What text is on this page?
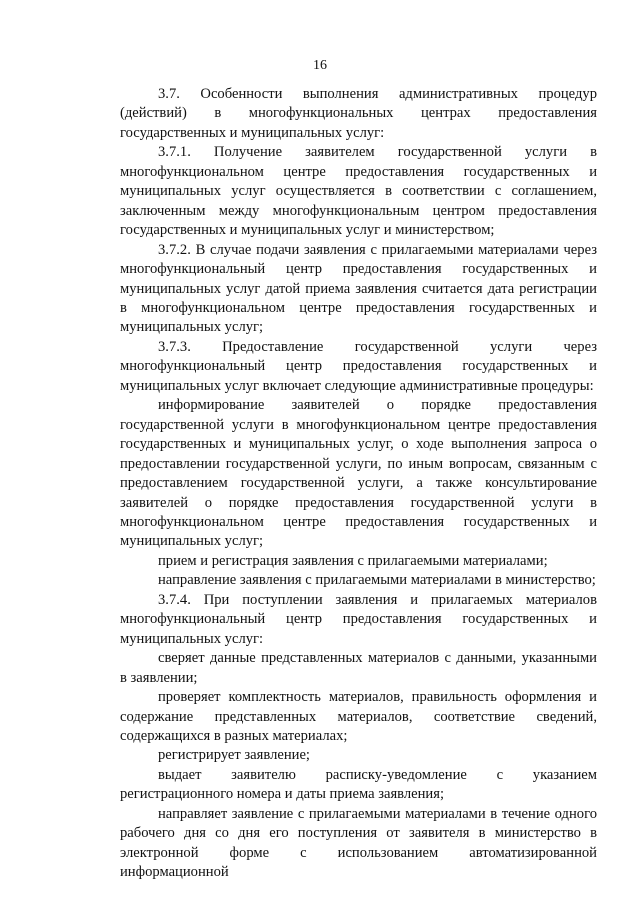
16

3.7. Особенности выполнения административных процедур (действий) в многофункциональных центрах предоставления государственных и муниципальных услуг:

3.7.1. Получение заявителем государственной услуги в многофункциональном центре предоставления государственных и муниципальных услуг осуществляется в соответствии с соглашением, заключенным между многофункциональным центром предоставления государственных и муниципальных услуг и министерством;

3.7.2. В случае подачи заявления с прилагаемыми материалами через многофункциональный центр предоставления государственных и муниципальных услуг датой приема заявления считается дата регистрации в многофункциональном центре предоставления государственных и муниципальных услуг;

3.7.3. Предоставление государственной услуги через многофункциональный центр предоставления государственных и муниципальных услуг включает следующие административные процедуры:

информирование заявителей о порядке предоставления государственной услуги в многофункциональном центре предоставления государственных и муниципальных услуг, о ходе выполнения запроса о предоставлении государственной услуги, по иным вопросам, связанным с предоставлением государственной услуги, а также консультирование заявителей о порядке предоставления государственной услуги в многофункциональном центре предоставления государственных и муниципальных услуг;

прием и регистрация заявления с прилагаемыми материалами;

направление заявления с прилагаемыми материалами в министерство;

3.7.4. При поступлении заявления и прилагаемых материалов многофункциональный центр предоставления государственных и муниципальных услуг:

сверяет данные представленных материалов с данными, указанными в заявлении;

проверяет комплектность материалов, правильность оформления и содержание представленных материалов, соответствие сведений, содержащихся в разных материалах;

регистрирует заявление;

выдает заявителю расписку-уведомление с указанием регистрационного номера и даты приема заявления;

направляет заявление с прилагаемыми материалами в течение одного рабочего дня со дня его поступления от заявителя в министерство в электронной форме с использованием автоматизированной информационной
